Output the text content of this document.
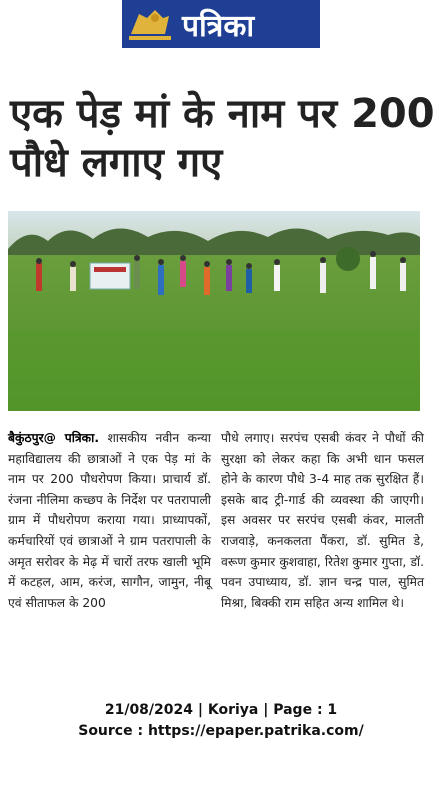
पत्रिका
एक पेड़ मां के नाम पर 200 पौधे लगाए गए
बैकुंठपुर@ पत्रिका. शासकीय नवीन कन्या महाविद्यालय की छात्राओं ने एक पेड़ मां के नाम पर 200 पौधरोपण किया। प्राचार्य डॉ. रंजना नीलिमा कच्छप के निर्देश पर पतरापाली ग्राम में पौधरोपण कराया गया। प्राध्यापकों, कर्मचारियों एवं छात्राओं ने ग्राम पतरापाली के अमृत सरोवर के मेढ़ में चारों तरफ खाली भूमि में कटहल, आम, करंज, सागौन, जामुन, नीबू एवं सीताफल के 200
पौधे लगाए। सरपंच एसबी कंवर ने पौधों की सुरक्षा को लेकर कहा कि अभी धान फसल होने के कारण पौधे 3-4 माह तक सुरक्षित हैं। इसके बाद ट्री-गार्ड की व्यवस्था की जाएगी। इस अवसर पर सरपंच एसबी कंवर, मालती राजवाड़े, कनकलता पैंकरा, डॉ. सुमित डे, वरूण कुमार कुशवाहा, रितेश कुमार गुप्ता, डॉ. पवन उपाध्याय, डॉ. ज्ञान चन्द्र पाल, सुमित मिश्रा, बिक्की राम सहित अन्य शामिल थे।
21/08/2024 | Koriya | Page : 1
Source : https://epaper.patrika.com/
